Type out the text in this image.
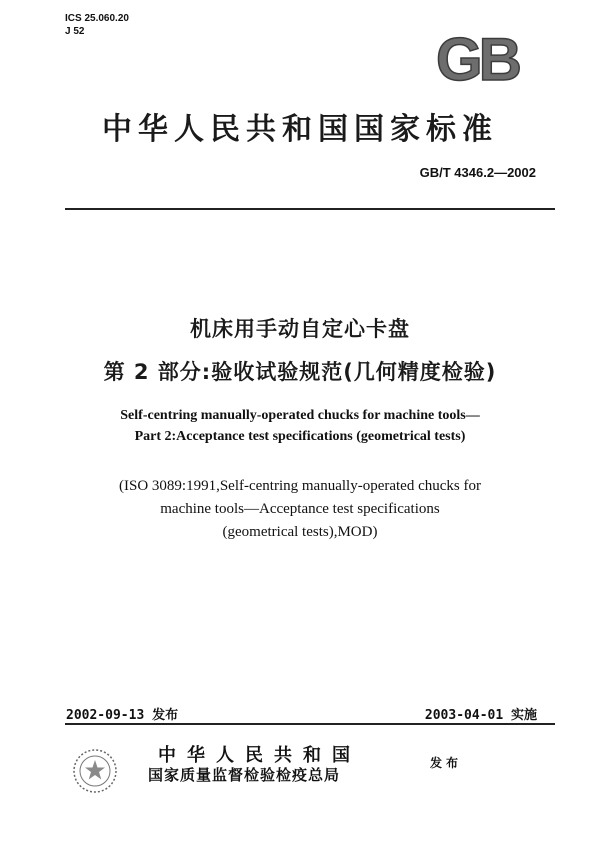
ICS 25.060.20
J 52	GB
中华人民共和国国家标准
GB/T 4346.2—2002
机床用手动自定心卡盘
第 2 部分:验收试验规范(几何精度检验)
Self-centring manually-operated chucks for machine tools—
Part 2:Acceptance test specifications (geometrical tests)
(ISO 3089:1991,Self-centring manually-operated chucks for
machine tools—Acceptance test specifications
(geometrical tests),MOD)
2002-09-13 发布	2003-04-01 实施
中华人民共和国
国家质量监督检验检疫总局
发布
